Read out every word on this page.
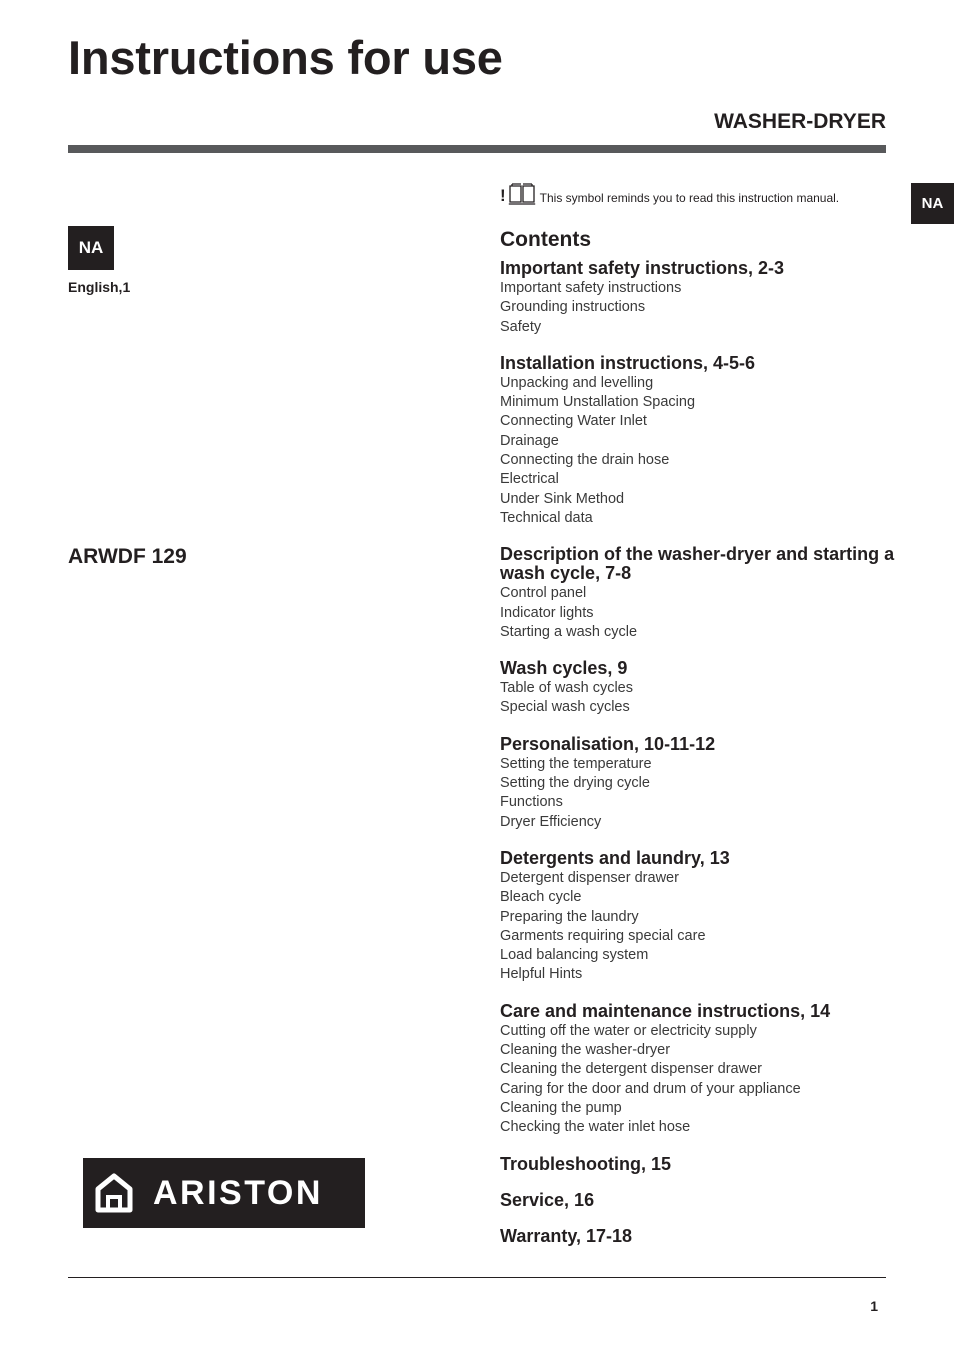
Instructions for use
WASHER-DRYER
NA
NA
English,1
ARWDF 129
ARISTON
!	This symbol reminds you to read this instruction manual.
Contents
Important safety instructions, 2-3
Important safety instructions
Grounding instructions
Safety
Installation instructions, 4-5-6
Unpacking and levelling
Minimum Unstallation Spacing
Connecting Water Inlet
Drainage
Connecting the drain hose
Electrical
Under Sink Method
Technical data
Description of the washer-dryer and starting a wash cycle, 7-8
Control panel
Indicator lights
Starting a wash cycle
Wash cycles, 9
Table of wash cycles
Special wash cycles
Personalisation, 10-11-12
Setting the temperature
Setting the drying cycle
Functions
Dryer Efficiency
Detergents and laundry, 13
Detergent dispenser drawer
Bleach cycle
Preparing the laundry
Garments requiring special care
Load balancing system
Helpful Hints
Care and maintenance instructions, 14
Cutting off the water or electricity supply
Cleaning the washer-dryer
Cleaning the detergent dispenser drawer
Caring for the door and drum of your appliance
Cleaning the pump
Checking the water inlet hose
Troubleshooting, 15
Service, 16
Warranty, 17-18
1
